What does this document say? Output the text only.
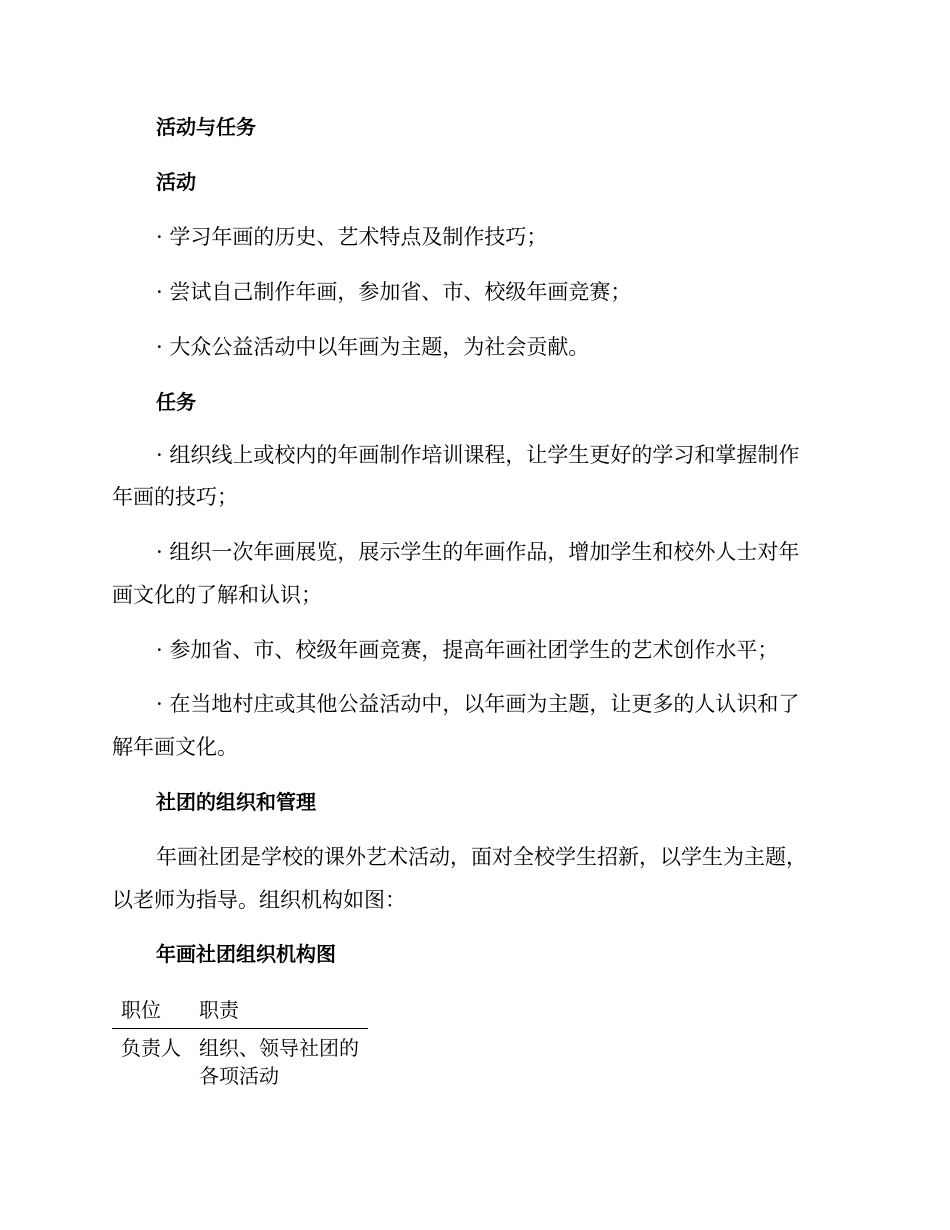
活动与任务
活动
· 学习年画的历史、艺术特点及制作技巧；
· 尝试自己制作年画，参加省、市、校级年画竞赛；
· 大众公益活动中以年画为主题，为社会贡献。
任务
· 组织线上或校内的年画制作培训课程，让学生更好的学习和掌握制作
年画的技巧；
· 组织一次年画展览，展示学生的年画作品，增加学生和校外人士对年
画文化的了解和认识；
· 参加省、市、校级年画竞赛，提高年画社团学生的艺术创作水平；
· 在当地村庄或其他公益活动中，以年画为主题，让更多的人认识和了
解年画文化。
社团的组织和管理
年画社团是学校的课外艺术活动，面对全校学生招新，以学生为主题，
以老师为指导。组织机构如图：
年画社团组织机构图
职位	职责
负责人 组织、领导社团的各项活动
